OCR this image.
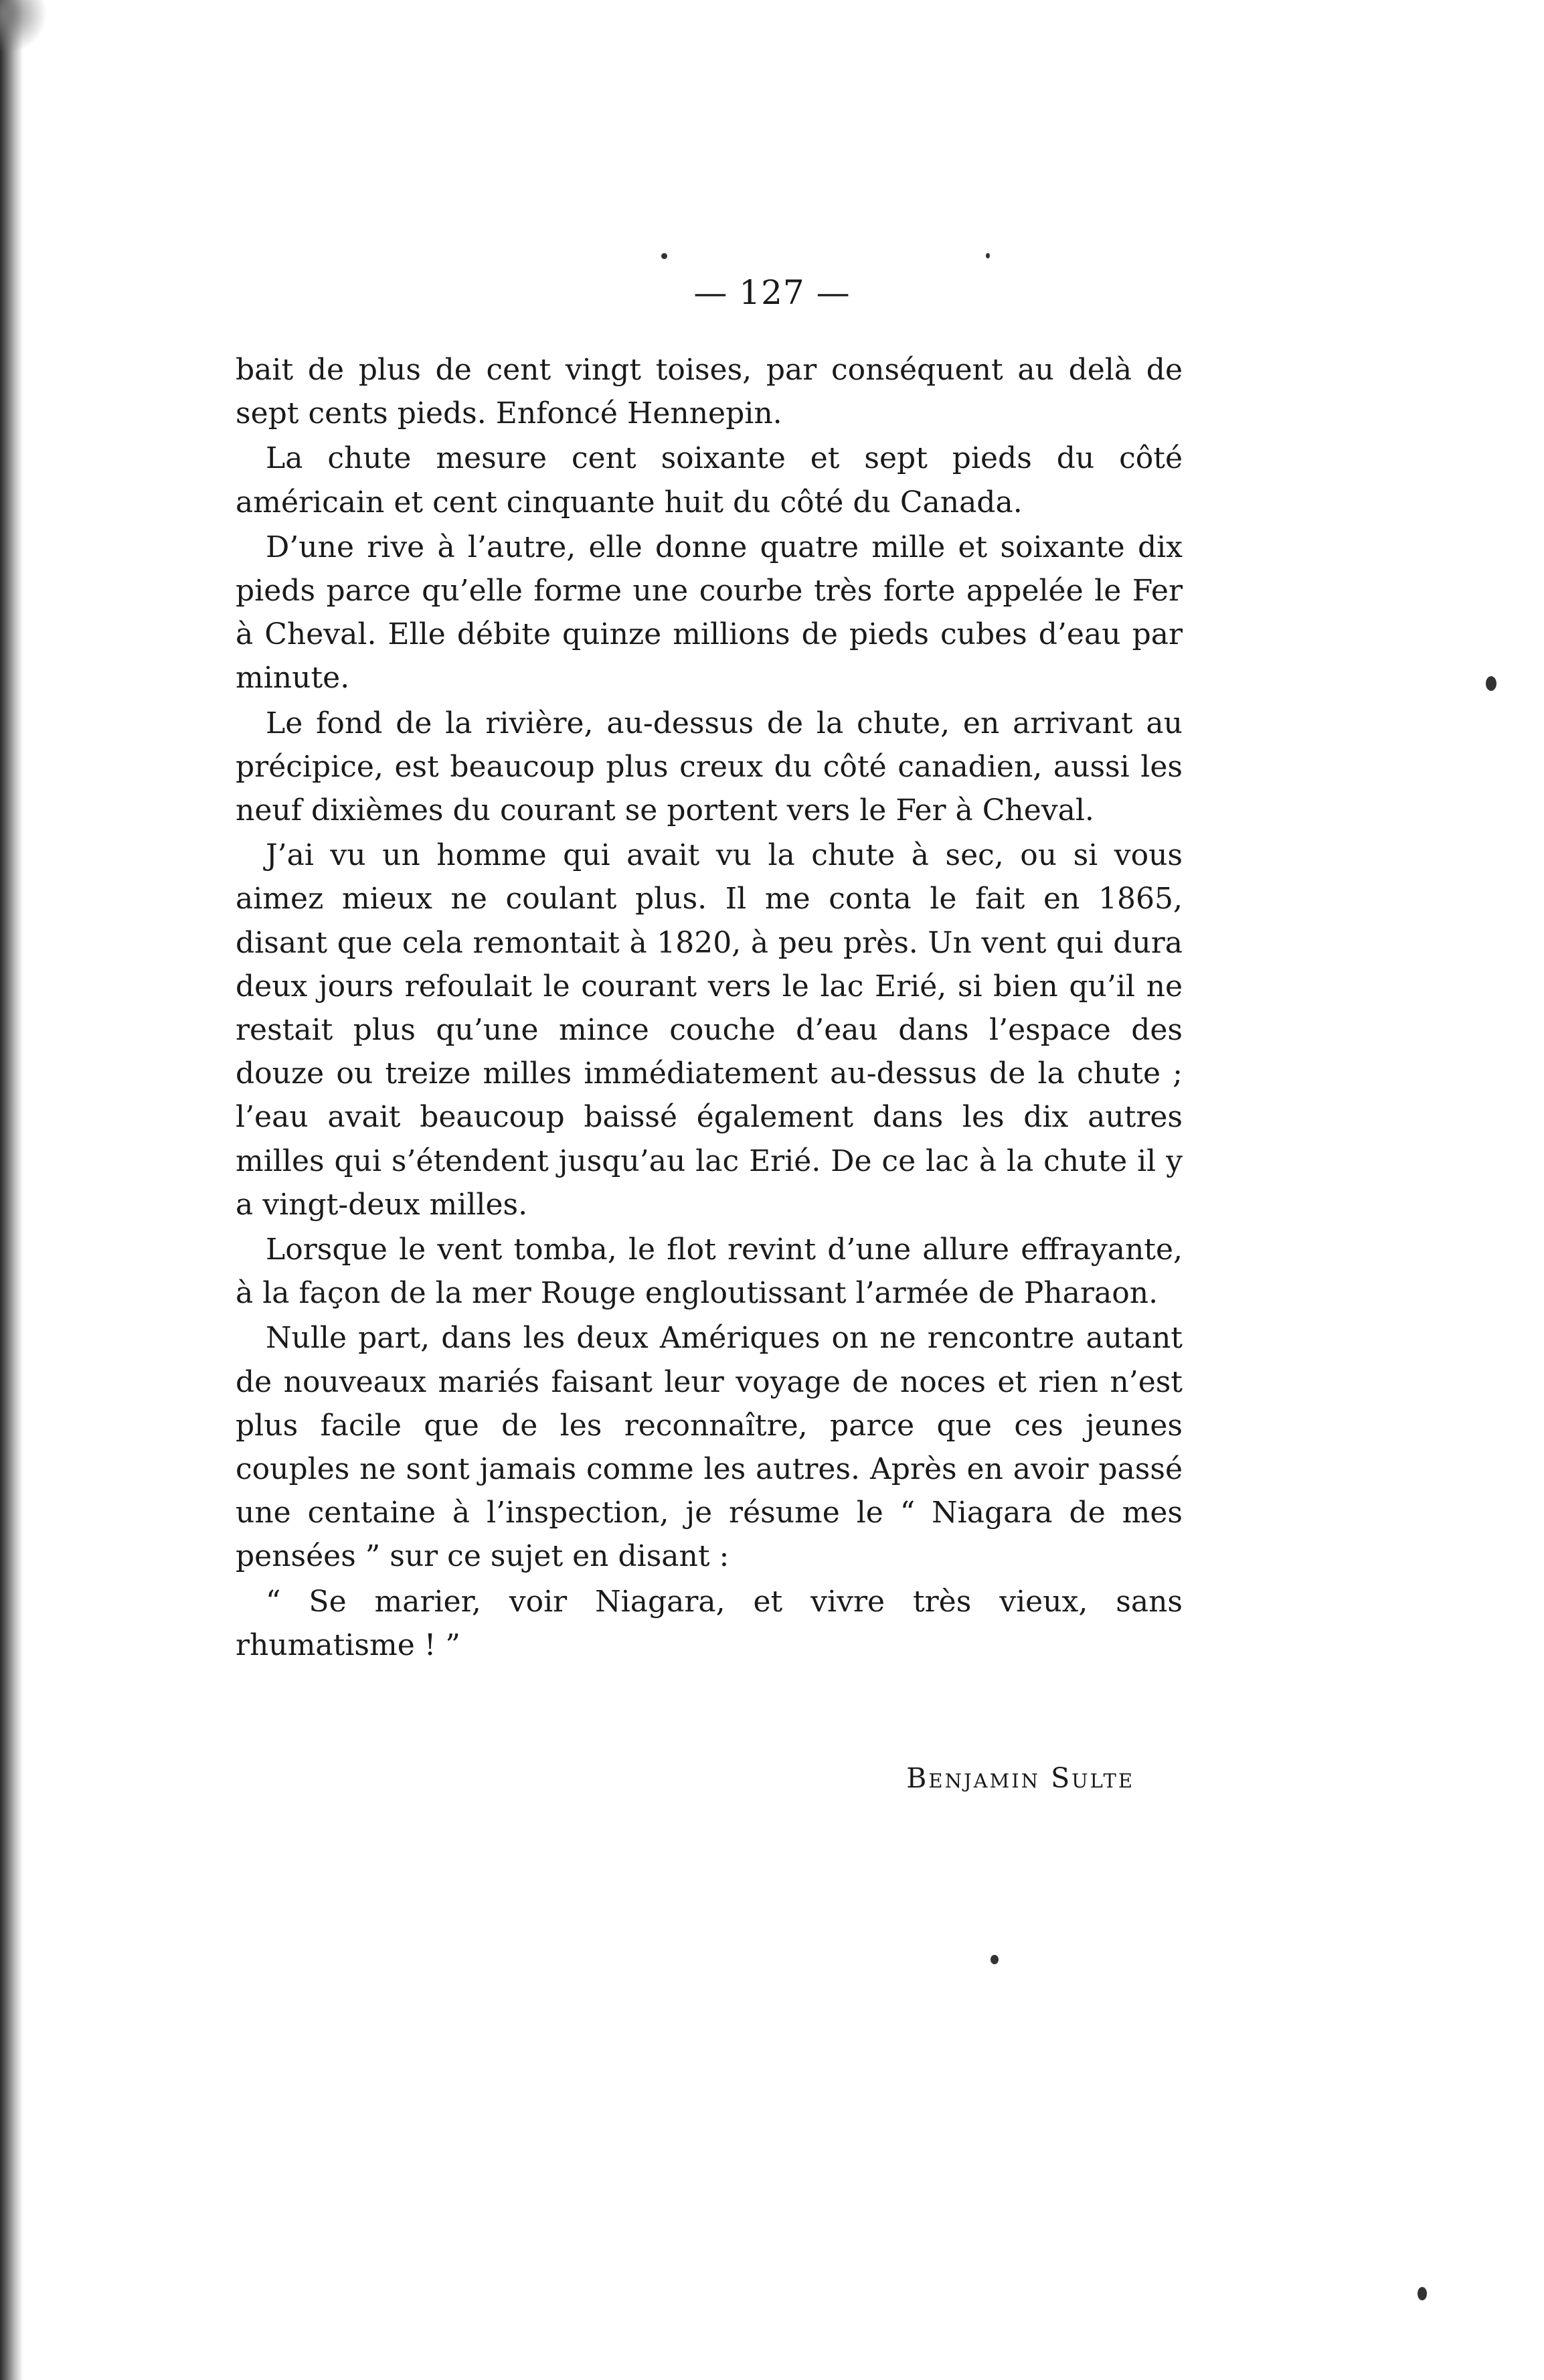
— 127 —

bait de plus de cent vingt toises, par conséquent au delà de sept cents pieds. Enfoncé Hennepin.

La chute mesure cent soixante et sept pieds du côté américain et cent cinquante huit du côté du Canada.

D’une rive à l’autre, elle donne quatre mille et soixante dix pieds parce qu’elle forme une courbe très forte appelée le Fer à Cheval. Elle débite quinze millions de pieds cubes d’eau par minute.

Le fond de la rivière, au-dessus de la chute, en arrivant au précipice, est beaucoup plus creux du côté canadien, aussi les neuf dixièmes du courant se portent vers le Fer à Cheval.

J’ai vu un homme qui avait vu la chute à sec, ou si vous aimez mieux ne coulant plus. Il me conta le fait en 1865, disant que cela remontait à 1820, à peu près. Un vent qui dura deux jours refoulait le courant vers le lac Erié, si bien qu’il ne restait plus qu’une mince couche d’eau dans l’espace des douze ou treize milles immédiatement au-dessus de la chute ; l’eau avait beaucoup baissé également dans les dix autres milles qui s’étendent jusqu’au lac Erié. De ce lac à la chute il y a vingt-deux milles.

Lorsque le vent tomba, le flot revint d’une allure effrayante, à la façon de la mer Rouge engloutissant l’armée de Pharaon.

Nulle part, dans les deux Amériques on ne rencontre autant de nouveaux mariés faisant leur voyage de noces et rien n’est plus facile que de les reconnaître, parce que ces jeunes couples ne sont jamais comme les autres. Après en avoir passé une centaine à l’inspection, je résume le “ Niagara de mes pensées ” sur ce sujet en disant :

“ Se marier, voir Niagara, et vivre très vieux, sans rhumatisme ! ”

Benjamin Sulte
